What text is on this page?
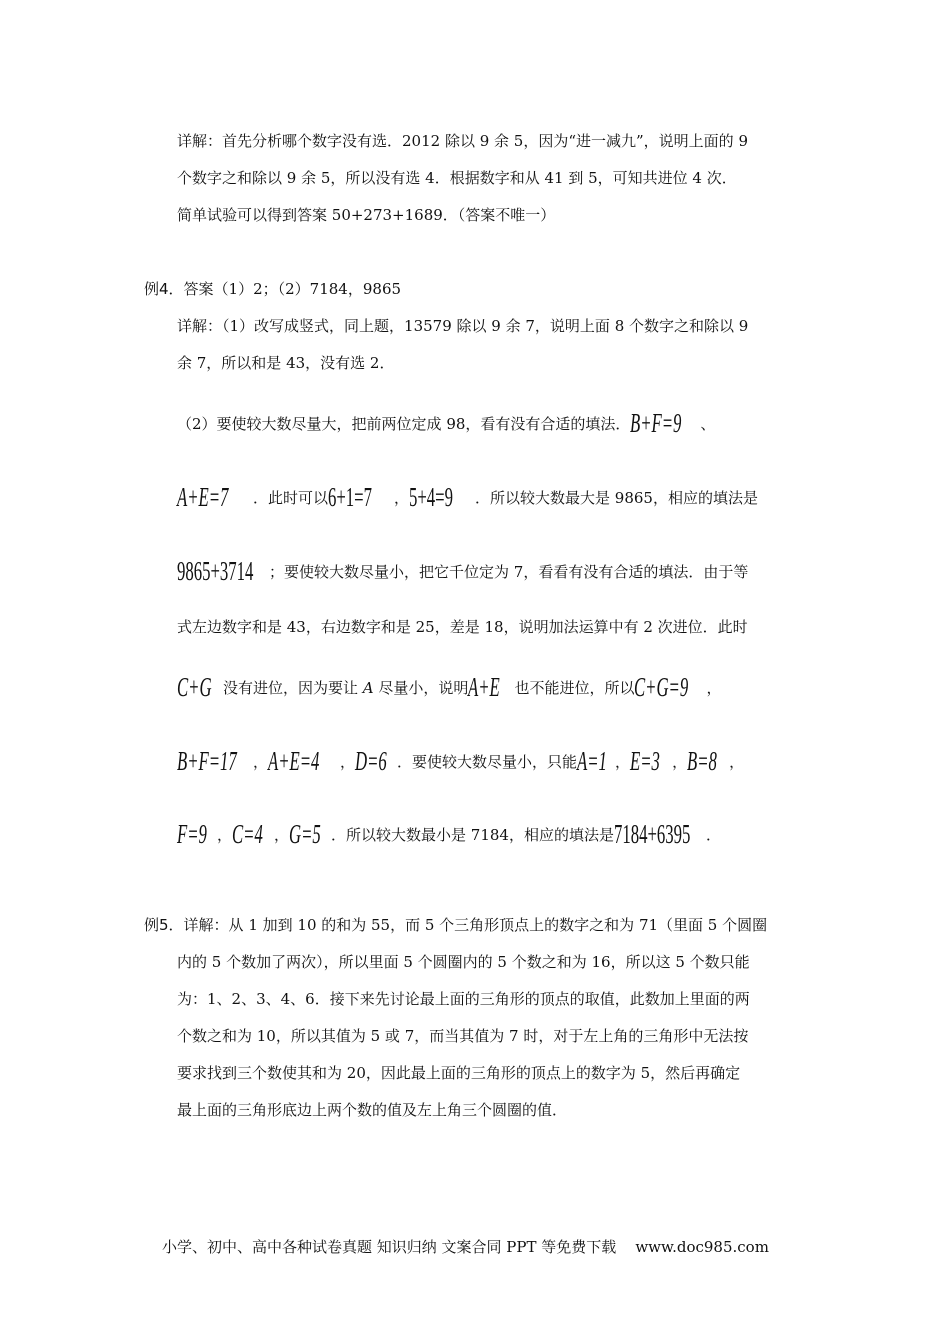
详解：首先分析哪个数字没有选．2012 除以 9 余 5，因为“进一减九”，说明上面的 9
个数字之和除以 9 余 5，所以没有选 4．根据数字和从 41 到 5，可知共进位 4 次．
简单试验可以得到答案 50+273+1689．（答案不唯一）
例4．答案（1）2；（2）7184，9865
详解：（1）改写成竖式，同上题，13579 除以 9 余 7，说明上面 8 个数字之和除以 9
余 7，所以和是 43，没有选 2．
（2）要使较大数尽量大，把前两位定成 98，看有没有合适的填法．B+F=9 、
A+E=7 ．此时可以6+1=7 ，5+4=9 ．所以较大数最大是 9865，相应的填法是
9865+3714 ；要使较大数尽量小，把它千位定为 7，看看有没有合适的填法．由于等
式左边数字和是 43，右边数字和是 25，差是 18，说明加法运算中有 2 次进位．此时
C+G 没有进位，因为要让 A 尽量小，说明A+E 也不能进位，所以C+G=9 ，
B+F=17 ，A+E=4 ，D=6 ．要使较大数尽量小，只能A=1 ，E=3 ，B=8 ，
F=9 ，C=4 ，G=5 ．所以较大数最小是 7184，相应的填法是7184+6395 ．
例5．详解：从 1 加到 10 的和为 55，而 5 个三角形顶点上的数字之和为 71（里面 5 个圆圈
内的 5 个数加了两次），所以里面 5 个圆圈内的 5 个数之和为 16，所以这 5 个数只能
为：1、2、3、4、6．接下来先讨论最上面的三角形的顶点的取值，此数加上里面的两
个数之和为 10，所以其值为 5 或 7，而当其值为 7 时，对于左上角的三角形中无法按
要求找到三个数使其和为 20，因此最上面的三角形的顶点上的数字为 5，然后再确定
最上面的三角形底边上两个数的值及左上角三个圆圈的值．
小学、初中、高中各种试卷真题 知识归纳 文案合同 PPT 等免费下载 www.doc985.com
